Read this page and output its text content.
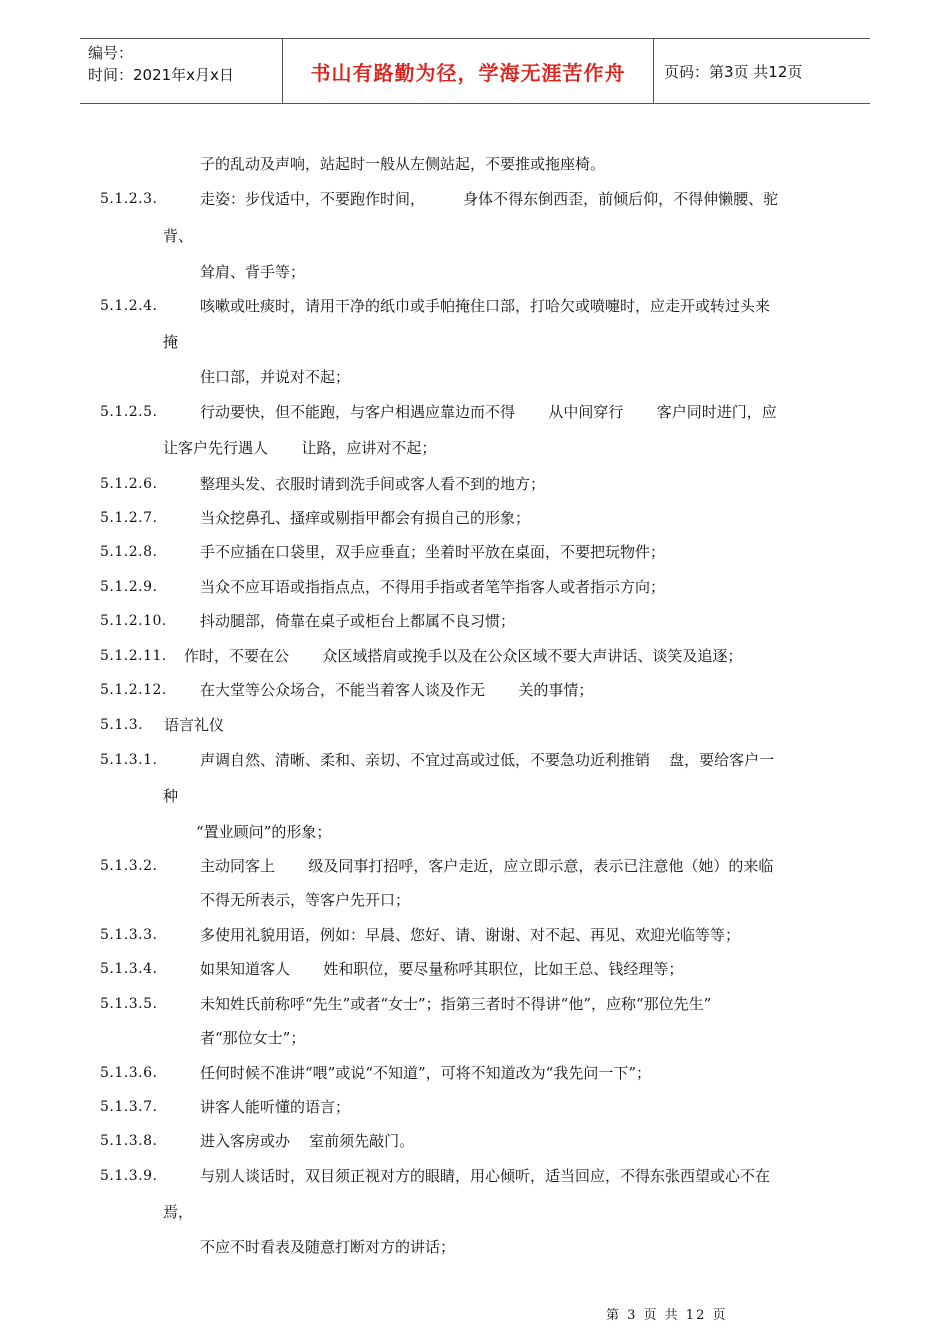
编号：
时间：2021年x月x日	书山有路勤为径，学海无涯苦作舟	页码：第3页 共12页
子的乱动及声响，站起时一般从左侧站起，不要推或拖座椅。
5.1.2.3.	走姿：步伐适中，不要跑作时间，        身体不得东倒西歪，前倾后仰，不得伸懒腰、驼
背、
耸肩、背手等；
5.1.2.4.	咳嗽或吐痰时，请用干净的纸巾或手帕掩住口部，打哈欠或喷嚏时，应走开或转过头来
掩
住口部，并说对不起；
5.1.2.5.	行动要快，但不能跑，与客户相遇应靠边而不得       从中间穿行       客户同时进门，应
让客户先行遇人       让路，应讲对不起；
5.1.2.6.	整理头发、衣服时请到洗手间或客人看不到的地方；
5.1.2.7.	当众挖鼻孔、搔痒或剔指甲都会有损自己的形象；
5.1.2.8.	手不应插在口袋里，双手应垂直；坐着时平放在桌面，不要把玩物件；
5.1.2.9.	当众不应耳语或指指点点，不得用手指或者笔竿指客人或者指示方向；
5.1.2.10. 抖动腿部，倚靠在桌子或柜台上都属不良习惯；
5.1.2.11. 作时，不要在公       众区域搭肩或挽手以及在公众区域不要大声讲话、谈笑及追逐；
5.1.2.12. 在大堂等公众场合，不能当着客人谈及作无       关的事情；
5.1.3. 语言礼仪
5.1.3.1.	声调自然、清晰、柔和、亲切、不宜过高或过低，不要急功近利推销    盘，要给客户一
种
“置业顾问”的形象；
5.1.3.2.	主动同客上       级及同事打招呼，客户走近，应立即示意，表示已注意他（她）的来临
不得无所表示，等客户先开口；
5.1.3.3.	多使用礼貌用语，例如：早晨、您好、请、谢谢、对不起、再见、欢迎光临等等；
5.1.3.4.	如果知道客人       姓和职位，要尽量称呼其职位，比如王总、钱经理等；
5.1.3.5.	未知姓氏前称呼“先生”或者“女士”；指第三者时不得讲“他”，应称“那位先生”
者“那位女士”；
5.1.3.6.	任何时候不准讲“喂”或说“不知道”，可将不知道改为“我先问一下”；
5.1.3.7.	讲客人能听懂的语言；
5.1.3.8.	进入客房或办    室前须先敲门。
5.1.3.9.	与别人谈话时，双目须正视对方的眼睛，用心倾听，适当回应，不得东张西望或心不在
焉，
不应不时看表及随意打断对方的讲话；
第 3 页 共 12 页
